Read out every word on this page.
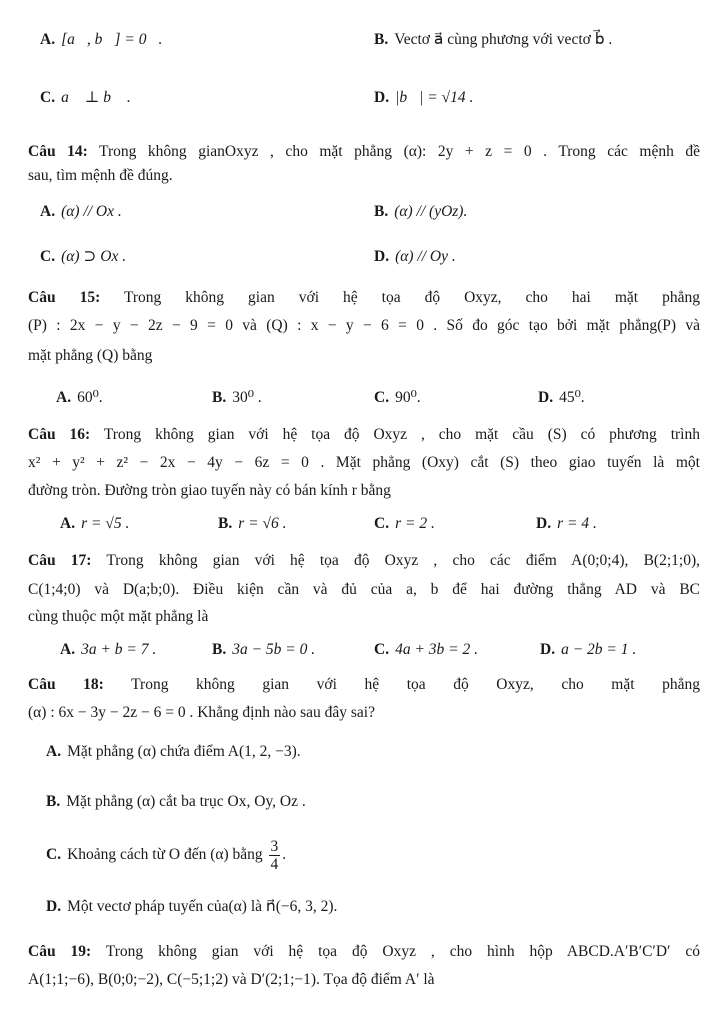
A. [a⃗, b⃗] = 0⃗.	B. Vectơ a⃗ cùng phương với vectơ b⃗ .
C. a⃗ ⊥ b⃗ .	D. |b⃗| = √14 .
Câu 14: Trong không gianOxyz , cho mặt phẳng (α): 2y + z = 0 . Trong các mệnh đề
sau, tìm mệnh đề đúng.
A. (α) // Ox .	B. (α) // (yOz).
C. (α) ⊃ Ox .	D. (α) // Oy .
Câu 15: Trong không gian với hệ tọa độ Oxyz, cho hai mặt phẳng
(P) : 2x − y − 2z − 9 = 0 và (Q) : x − y − 6 = 0 . Số đo góc tạo bởi mặt phẳng(P) và
mặt phẳng (Q) bằng
A. 60⁰.	B. 30⁰ .	C. 90⁰.	D. 45⁰.
Câu 16: Trong không gian với hệ tọa độ Oxyz , cho mặt cầu (S) có phương trình
x² + y² + z² − 2x − 4y − 6z = 0 . Mặt phẳng (Oxy) cắt (S) theo giao tuyến là một
đường tròn. Đường tròn giao tuyến này có bán kính r bằng
A. r = √5 .	B. r = √6 .	C. r = 2 .	D. r = 4 .
Câu 17: Trong không gian với hệ tọa độ Oxyz , cho các điểm A(0;0;4), B(2;1;0),
C(1;4;0) và D(a;b;0). Điều kiện cần và đủ của a, b để hai đường thẳng AD và BC
cùng thuộc một mặt phẳng là
A. 3a + b = 7 .	B. 3a − 5b = 0 .	C. 4a + 3b = 2 .	D. a − 2b = 1 .
Câu 18: Trong không gian với hệ tọa độ Oxyz, cho mặt phẳng
(α) : 6x − 3y − 2z − 6 = 0 . Khẳng định nào sau đây sai?
A. Mặt phẳng (α) chứa điểm A(1, 2, −3).
B. Mặt phẳng (α) cắt ba trục Ox, Oy, Oz .
C. Khoảng cách từ O đến (α) bằng $\frac{3}{4}$ .
D. Một vectơ pháp tuyến của(α) là n⃗(−6, 3, 2).
Câu 19: Trong không gian với hệ tọa độ Oxyz , cho hình hộp ABCD.A′B′C′D′ có
A(1;1;−6), B(0;0;−2), C(−5;1;2) và D′(2;1;−1). Tọa độ điểm A′ là
